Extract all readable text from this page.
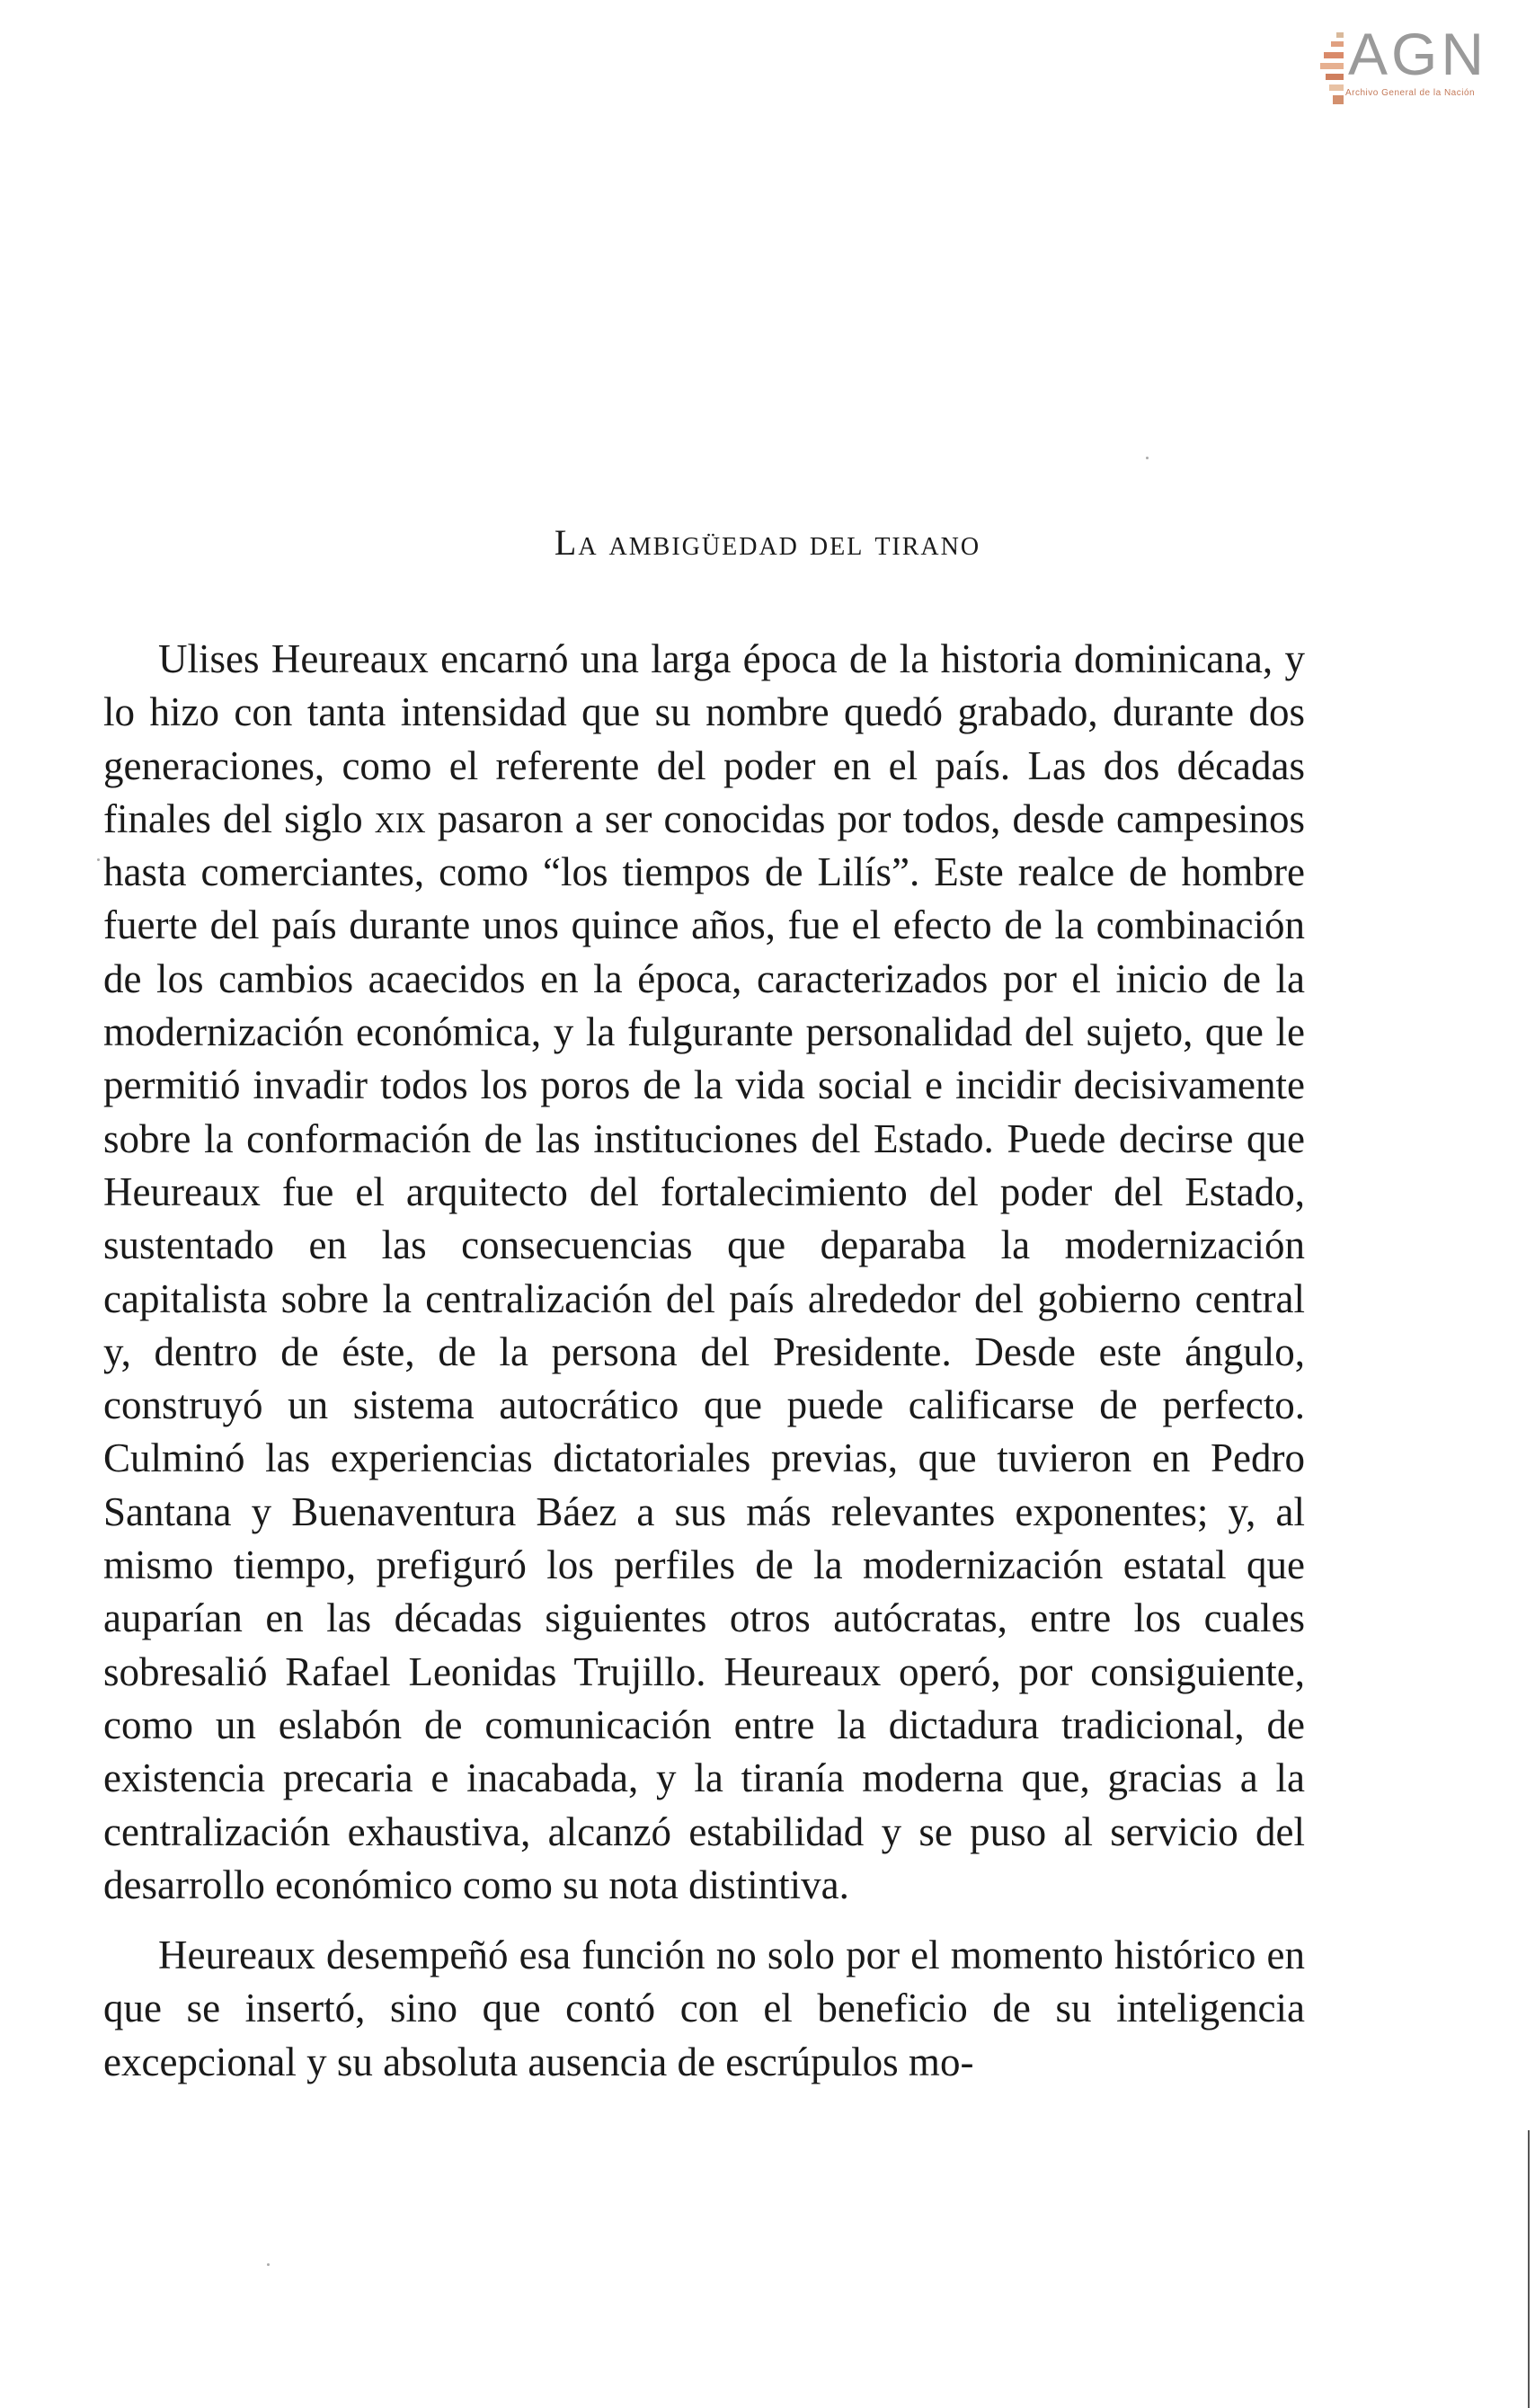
AGN
Archivo General de la Nación
La ambigüedad del tirano

Ulises Heureaux encarnó una larga época de la historia dominicana, y lo hizo con tanta intensidad que su nombre quedó grabado, durante dos generaciones, como el referente del poder en el país. Las dos décadas finales del siglo xix pasaron a ser conocidas por todos, desde campesinos hasta comerciantes, como “los tiempos de Lilís”. Este realce de hombre fuerte del país durante unos quince años, fue el efecto de la combinación de los cambios acaecidos en la época, caracterizados por el inicio de la modernización económica, y la fulgurante personalidad del sujeto, que le permitió invadir todos los poros de la vida social e incidir decisivamente sobre la conformación de las instituciones del Estado. Puede decirse que Heureaux fue el arquitecto del fortalecimiento del poder del Estado, sustentado en las consecuencias que deparaba la modernización capitalista sobre la centralización del país alrededor del gobierno central y, dentro de éste, de la persona del Presidente. Desde este ángulo, construyó un sistema autocrático que puede calificarse de perfecto. Culminó las experiencias dictatoriales previas, que tuvieron en Pedro Santana y Buenaventura Báez a sus más relevantes exponentes; y, al mismo tiempo, prefiguró los perfiles de la modernización estatal que auparían en las décadas siguientes otros autócratas, entre los cuales sobresalió Rafael Leonidas Trujillo. Heureaux operó, por consiguiente, como un eslabón de comunicación entre la dictadura tradicional, de existencia precaria e inacabada, y la tiranía moderna que, gracias a la centralización exhaustiva, alcanzó estabilidad y se puso al servicio del desarrollo económico como su nota distintiva.

Heureaux desempeñó esa función no solo por el momento histórico en que se insertó, sino que contó con el beneficio de su inteligencia excepcional y su absoluta ausencia de escrúpulos mo-
